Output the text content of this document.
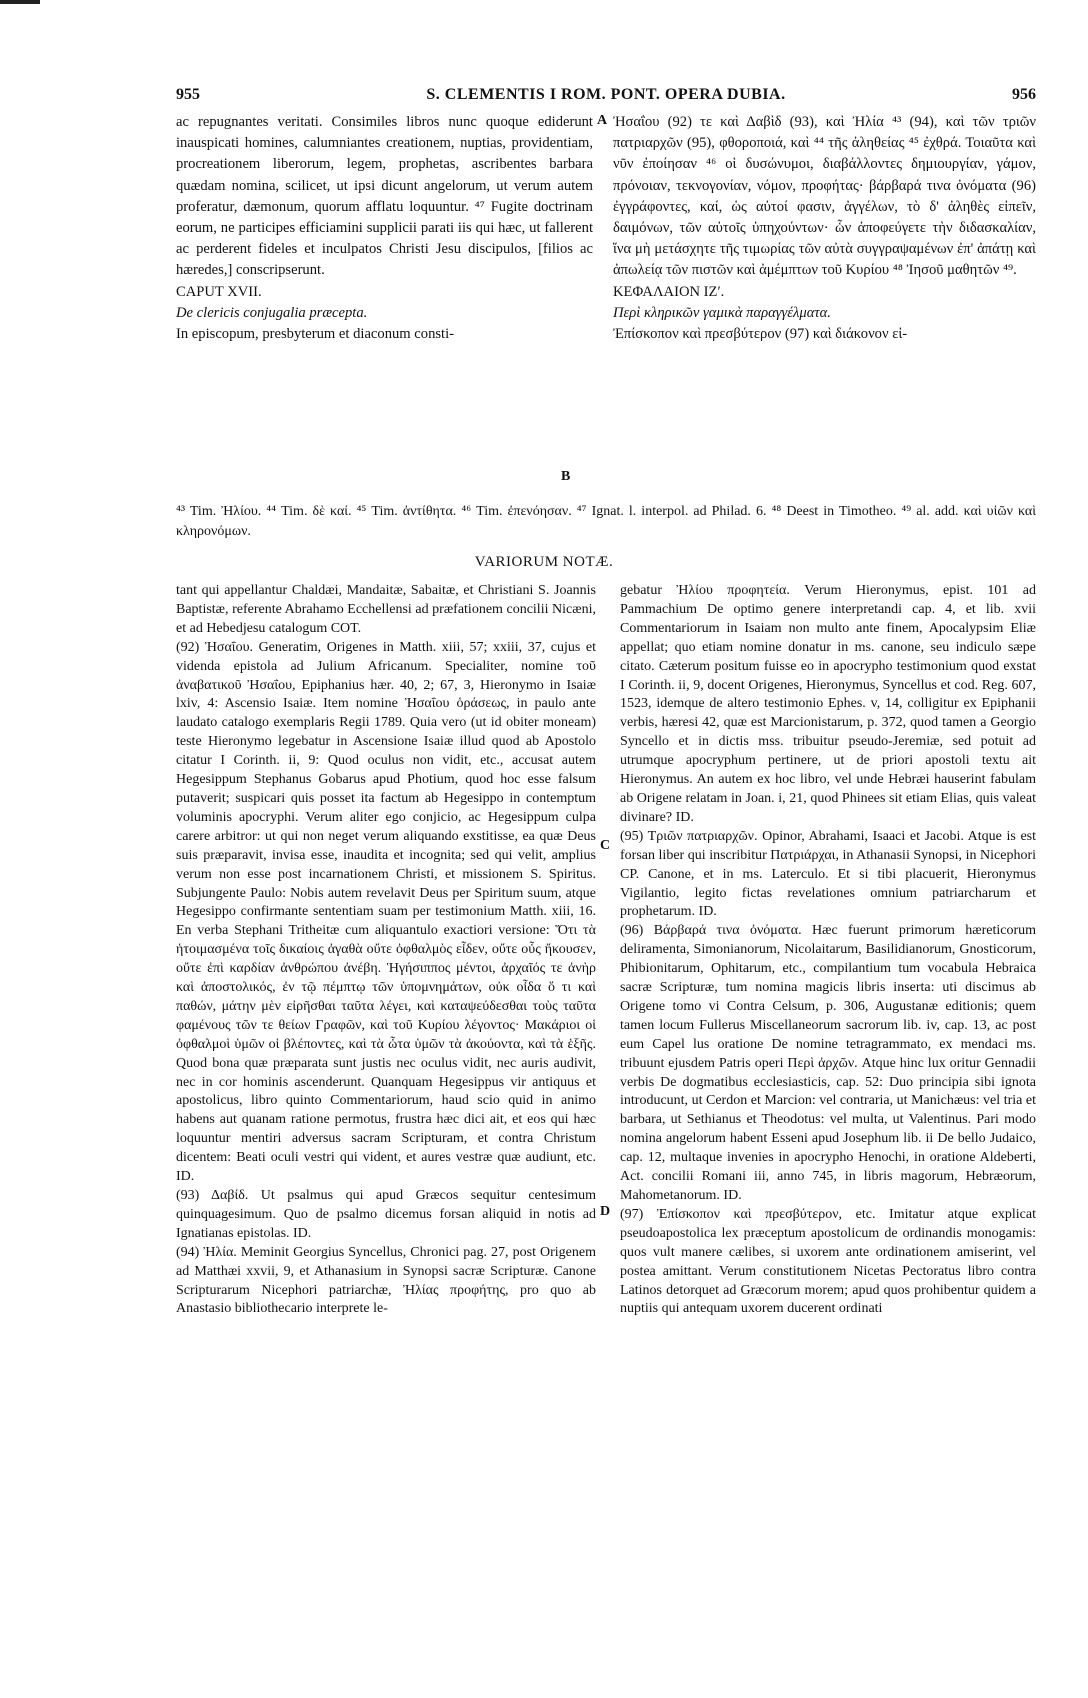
955	S. CLEMENTIS I ROM. PONT. OPERA DUBIA.	956

ac repugnantes veritati. Consimiles libros nunc quoque ediderunt inauspicati homines, calumniantes creationem, nuptias, providentiam, procreationem liberorum, legem, prophetas, ascribentes barbara quædam nomina, scilicet, ut ipsi dicunt angelorum, ut verum autem proferatur, dæmonum, quorum afflatu loquuntur. ⁴⁷ Fugite doctrinam eorum, ne participes efficiamini supplicii parati iis qui hæc, ut fallerent ac perderent fideles et inculpatos Christi Jesu discipulos, [filios ac hæredes,] conscripserunt.

CAPUT XVII.

De clericis conjugalia præcepta.

In episcopum, presbyterum et diaconum consti-

A
B

Ἠσαΐου (92) τε καὶ Δαβὶδ (93), καὶ Ἠλία ⁴³ (94), καὶ τῶν τριῶν πατριαρχῶν (95), φθοροποιά, καὶ ⁴⁴ τῆς ἀληθείας ⁴⁵ ἐχθρά. Τοιαῦτα καὶ νῦν ἐποίησαν ⁴⁶ οἱ δυσώνυμοι, διαβάλλοντες δημιουργίαν, γάμον, πρόνοιαν, τεκνογονίαν, νόμον, προφήτας· βάρβαρά τινα ὀνόματα (96) ἐγγράφοντες, καί, ὡς αὐτοί φασιν, ἀγγέλων, τὸ δ' ἀληθὲς εἰπεῖν, δαιμόνων, τῶν αὐτοῖς ὑπηχούντων· ὧν ἀποφεύγετε τὴν διδασκαλίαν, ἵνα μὴ μετάσχητε τῆς τιμωρίας τῶν αὐτὰ συγγραψαμένων ἐπ' ἀπάτῃ καὶ ἀπωλείᾳ τῶν πιστῶν καὶ ἀμέμπτων τοῦ Κυρίου ⁴⁸ Ἰησοῦ μαθητῶν ⁴⁹.

ΚΕΦΑΛΑΙΟΝ ΙΖʹ.

Περὶ κληρικῶν γαμικὰ παραγγέλματα.

Ἐπίσκοπον καὶ πρεσβύτερον (97) καὶ διάκονον εἰ-

⁴³ Tim. Ἠλίου. ⁴⁴ Tim. δὲ καί. ⁴⁵ Tim. ἀντίθητα. ⁴⁶ Tim. ἐπενόησαν. ⁴⁷ Ignat. l. interpol. ad Philad. 6. ⁴⁸ Deest in Timotheo. ⁴⁹ al. add. καὶ υἱῶν καὶ κληρονόμων.
VARIORUM NOTÆ.

tant qui appellantur Chaldæi, Mandaitæ, Sabaitæ, et Christiani S. Joannis Baptistæ, referente Abrahamo Ecchellensi ad præfationem concilii Nicæni, et ad Hebedjesu catalogum COT.

(92) Ἠσαΐου. Generatim, Origenes in Matth. xiii, 57; xxiii, 37, cujus et videnda epistola ad Julium Africanum. Specialiter, nomine τοῦ ἀναβατικοῦ Ἠσαΐου, Epiphanius hær. 40, 2; 67, 3, Hieronymo in Isaiæ lxiv, 4: Ascensio Isaiæ. Item nomine Ἠσαΐου ὁράσεως, in paulo ante laudato catalogo exemplaris Regii 1789. Quia vero (ut id obiter moneam) teste Hieronymo legebatur in Ascensione Isaiæ illud quod ab Apostolo citatur I Corinth. ii, 9: Quod oculus non vidit, etc., accusat autem Hegesippum Stephanus Gobarus apud Photium, quod hoc esse falsum putaverit; suspicari quis posset ita factum ab Hegesippo in contemptum voluminis apocryphi. Verum aliter ego conjicio, ac Hegesippum culpa carere arbitror: ut qui non neget verum aliquando exstitisse, ea quæ Deus suis præparavit, invisa esse, inaudita et incognita; sed qui velit, amplius verum non esse post incarnationem Christi, et missionem S. Spiritus. Subjungente Paulo: Nobis autem revelavit Deus per Spiritum suum, atque Hegesippo confirmante sententiam suam per testimonium Matth. xiii, 16. En verba Stephani Tritheitæ cum aliquantulo exactiori versione: Ὅτι τὰ ἡτοιμασμένα τοῖς δικαίοις ἀγαθὰ οὔτε ὀφθαλμὸς εἶδεν, οὔτε οὖς ἤκουσεν, οὔτε ἐπὶ καρδίαν ἀνθρώπου ἀνέβη. Ἡγήσιππος μέντοι, ἀρχαῖός τε ἀνὴρ καὶ ἀποστολικός, ἐν τῷ πέμπτῳ τῶν ὑπομνημάτων, οὐκ οἶδα ὅ τι καὶ παθών, μάτην μὲν εἰρῆσθαι ταῦτα λέγει, καὶ καταψεύδεσθαι τοὺς ταῦτα φαμένους τῶν τε θείων Γραφῶν, καὶ τοῦ Κυρίου λέγοντος· Μακάριοι οἱ ὀφθαλμοὶ ὑμῶν οἱ βλέποντες, καὶ τὰ ὦτα ὑμῶν τὰ ἀκούοντα, καὶ τὰ ἑξῆς. Quod bona quæ præparata sunt justis nec oculus vidit, nec auris audivit, nec in cor hominis ascenderunt. Quanquam Hegesippus vir antiquus et apostolicus, libro quinto Commentariorum, haud scio quid in animo habens aut quanam ratione permotus, frustra hæc dici ait, et eos qui hæc loquuntur mentiri adversus sacram Scripturam, et contra Christum dicentem: Beati oculi vestri qui vident, et aures vestræ quæ audiunt, etc. ID.

(93) Δαβίδ. Ut psalmus qui apud Græcos sequitur centesimum quinquagesimum. Quo de psalmo dicemus forsan aliquid in notis ad Ignatianas epistolas. ID.

(94) Ἠλία. Meminit Georgius Syncellus, Chronici pag. 27, post Origenem ad Matthæi xxvii, 9, et Athanasium in Synopsi sacræ Scripturæ. Canone Scripturarum Nicephori patriarchæ, Ἠλίας προφήτης, pro quo ab Anastasio bibliothecario interprete le-

C
D

gebatur Ἠλίου προφητεία. Verum Hieronymus, epist. 101 ad Pammachium De optimo genere interpretandi cap. 4, et lib. xvii Commentariorum in Isaiam non multo ante finem, Apocalypsim Eliæ appellat; quo etiam nomine donatur in ms. canone, seu indiculo sæpe citato. Cæterum positum fuisse eo in apocrypho testimonium quod exstat I Corinth. ii, 9, docent Origenes, Hieronymus, Syncellus et cod. Reg. 607, 1523, idemque de altero testimonio Ephes. v, 14, colligitur ex Epiphanii verbis, hæresi 42, quæ est Marcionistarum, p. 372, quod tamen a Georgio Syncello et in dictis mss. tribuitur pseudo-Jeremiæ, sed potuit ad utrumque apocryphum pertinere, ut de priori apostoli textu ait Hieronymus. An autem ex hoc libro, vel unde Hebræi hauserint fabulam ab Origene relatam in Joan. i, 21, quod Phinees sit etiam Elias, quis valeat divinare? ID.

(95) Τριῶν πατριαρχῶν. Opinor, Abrahami, Isaaci et Jacobi. Atque is est forsan liber qui inscribitur Πατριάρχαι, in Athanasii Synopsi, in Nicephori CP. Canone, et in ms. Laterculo. Et si tibi placuerit, Hieronymus Vigilantio, legito fictas revelationes omnium patriarcharum et prophetarum. ID.

(96) Βάρβαρά τινα ὀνόματα. Hæc fuerunt primorum hæreticorum deliramenta, Simonianorum, Nicolaitarum, Basilidianorum, Gnosticorum, Phibionitarum, Ophitarum, etc., compilantium tum vocabula Hebraica sacræ Scripturæ, tum nomina magicis libris inserta: uti discimus ab Origene tomo vi Contra Celsum, p. 306, Augustanæ editionis; quem tamen locum Fullerus Miscellaneorum sacrorum lib. iv, cap. 13, ac post eum Capel lus oratione De nomine tetragrammato, ex mendaci ms. tribuunt ejusdem Patris operi Περὶ ἀρχῶν. Atque hinc lux oritur Gennadii verbis De dogmatibus ecclesiasticis, cap. 52: Duo principia sibi ignota introducunt, ut Cerdon et Marcion: vel contraria, ut Manichæus: vel tria et barbara, ut Sethianus et Theodotus: vel multa, ut Valentinus. Pari modo nomina angelorum habent Esseni apud Josephum lib. ii De bello Judaico, cap. 12, multaque invenies in apocrypho Henochi, in oratione Aldeberti, Act. concilii Romani iii, anno 745, in libris magorum, Hebræorum, Mahometanorum. ID.

(97) Ἐπίσκοπον καὶ πρεσβύτερον, etc. Imitatur atque explicat pseudoapostolica lex præceptum apostolicum de ordinandis monogamis: quos vult manere cælibes, si uxorem ante ordinationem amiserint, vel postea amittant. Verum constitutionem Nicetas Pectoratus libro contra Latinos detorquet ad Græcorum morem; apud quos prohibentur quidem a nuptiis qui antequam uxorem ducerent ordinati
